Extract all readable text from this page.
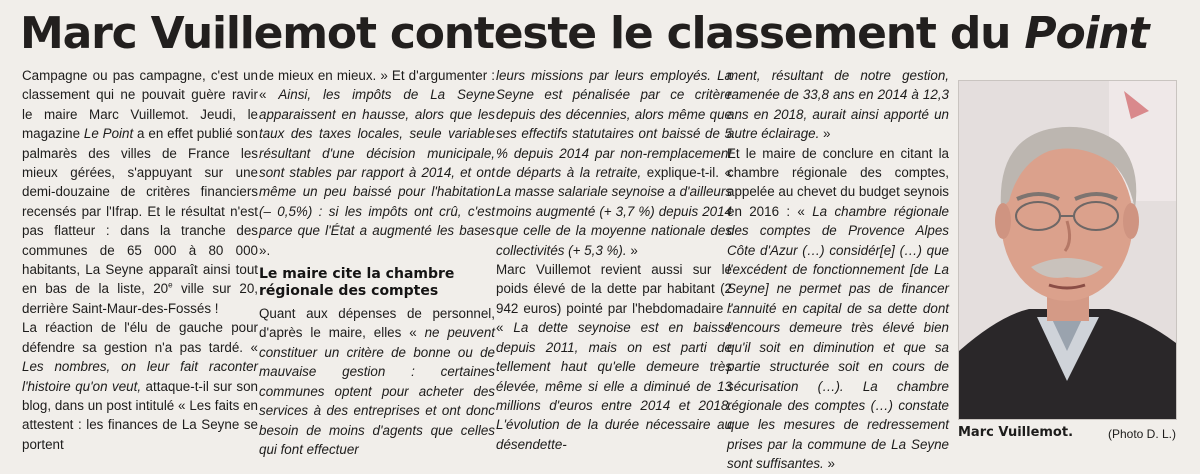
Marc Vuillemot conteste le classement du Point

Campagne ou pas campagne, c'est un classement qui ne pouvait guère ravir le maire Marc Vuillemot. Jeudi, le magazine Le Point a en effet publié son palmarès des villes de France les mieux gérées, s'appuyant sur une demi-douzaine de critères financiers recensés par l'Ifrap. Et le résultat n'est pas flatteur : dans la tranche des communes de 65 000 à 80 000 habitants, La Seyne apparaît ainsi tout en bas de la liste, 20e ville sur 20, derrière Saint-Maur-des-Fossés !

La réaction de l'élu de gauche pour défendre sa gestion n'a pas tardé. « Les nombres, on leur fait raconter l'histoire qu'on veut, attaque-t-il sur son blog, dans un post intitulé « Les faits en attestent : les finances de La Seyne se portent

de mieux en mieux. » Et d'argumenter : « Ainsi, les impôts de La Seyne apparaissent en hausse, alors que les taux des taxes locales, seule variable résultant d'une décision municipale, sont stables par rapport à 2014, et ont même un peu baissé pour l'habitation (– 0,5%) : si les impôts ont crû, c'est parce que l'État a augmenté les bases ».

Le maire cite la chambre régionale des comptes

Quant aux dépenses de personnel, d'après le maire, elles « ne peuvent constituer un critère de bonne ou de mauvaise gestion : certaines communes optent pour acheter des services à des entreprises et ont donc besoin de moins d'agents que celles qui font effectuer

leurs missions par leurs employés. La Seyne est pénalisée par ce critère depuis des décennies, alors même que ses effectifs statutaires ont baissé de 5 % depuis 2014 par non-remplacement de départs à la retraite, explique-t-il. « La masse salariale seynoise a d'ailleurs moins augmenté (+ 3,7 %) depuis 2014 que celle de la moyenne nationale des collectivités (+ 5,3 %). »

Marc Vuillemot revient aussi sur le poids élevé de la dette par habitant (2 942 euros) pointé par l'hebdomadaire : « La dette seynoise est en baisse depuis 2011, mais on est parti de tellement haut qu'elle demeure très élevée, même si elle a diminué de 13 millions d'euros entre 2014 et 2018. L'évolution de la durée nécessaire au désendette-

ment, résultant de notre gestion, ramenée de 33,8 ans en 2014 à 12,3 ans en 2018, aurait ainsi apporté un autre éclairage. »

Et le maire de conclure en citant la chambre régionale des comptes, appelée au chevet du budget seynois en 2016 : « La chambre régionale des comptes de Provence Alpes Côte d'Azur (…) considér[e] (…) que l'excédent de fonctionnement [de La Seyne] ne permet pas de financer l'annuité en capital de sa dette dont l'encours demeure très élevé bien qu'il soit en diminution et que sa partie structurée soit en cours de sécurisation (…). La chambre régionale des comptes (…) constate que les mesures de redressement prises par la commune de La Seyne sont suffisantes. »

Marc Vuillemot.	(Photo D. L.)
